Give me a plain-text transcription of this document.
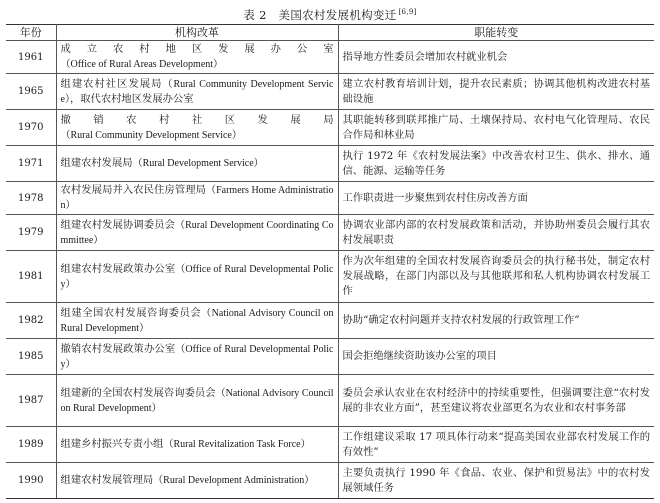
表 2　美国农村发展机构变迁 [6,9]
年份	机构改革	职能转变
1961	成立农村地区发展办公室（Office of Rural Areas Development）	指导地方性委员会增加农村就业机会
1965	组建农村社区发展局（Rural Community Development Service），取代农村地区发展办公室	建立农村教育培训计划，提升农民素质；协调其他机构改进农村基础设施
1970	撤销农村社区发展局（Rural Community Development Service）	其职能转移到联邦推广局、土壤保持局、农村电气化管理局、农民合作局和林业局
1971	组建农村发展局（Rural Development Service）	执行 1972 年《农村发展法案》中改善农村卫生、供水、排水、通信、能源、运输等任务
1978	农村发展局并入农民住房管理局（Farmers Home Administration）	工作职责进一步聚焦到农村住房改善方面
1979	组建农村发展协调委员会（Rural Development Coordinating Committee）	协调农业部内部的农村发展政策和活动，并协助州委员会履行其农村发展职责
1981	组建农村发展政策办公室（Office of Rural Developmental Policy）	作为次年组建的全国农村发展咨询委员会的执行秘书处，制定农村发展战略，在部门内部以及与其他联邦和私人机构协调农村发展工作
1982	组建全国农村发展咨询委员会（National Advisory Council on Rural Development）	协助“确定农村问题并支持农村发展的行政管理工作”
1985	撤销农村发展政策办公室（Office of Rural Developmental Policy）	国会拒绝继续资助该办公室的项目
1987	组建新的全国农村发展咨询委员会（National Advisory Council on Rural Development）	委员会承认农业在农村经济中的持续重要性，但强调要注意“农村发展的非农业方面”，甚至建议将农业部更名为农业和农村事务部
1989	组建乡村振兴专责小组（Rural Revitalization Task Force）	工作组建议采取 17 项具体行动来“提高美国农业部农村发展工作的有效性”
1990	组建农村发展管理局（Rural Development Administration）	主要负责执行 1990 年《食品、农业、保护和贸易法》中的农村发展领域任务
